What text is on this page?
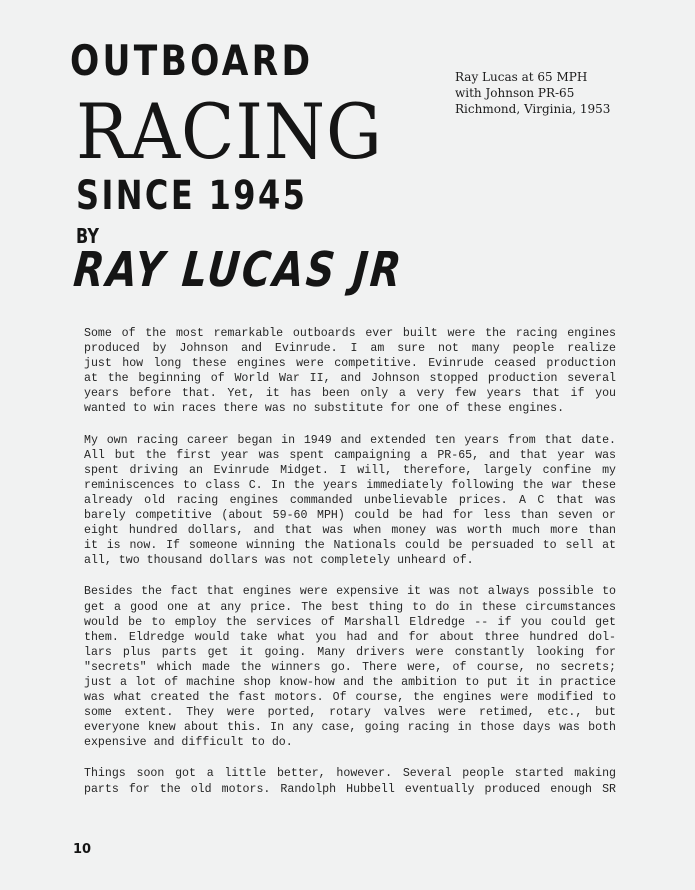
OUTBOARD
RACING
SINCE 1945
BY
RAY LUCAS JR
Ray Lucas at 65 MPH
with Johnson PR-65
Richmond, Virginia, 1953
Some of the most remarkable outboards ever built were the racing engines
produced by Johnson and Evinrude. I am sure not many people realize
just how long these engines were competitive. Evinrude ceased production
at the beginning of World War II, and Johnson stopped production several
years before that. Yet, it has been only a very few years that if you
wanted to win races there was no substitute for one of these engines.
My own racing career began in 1949 and extended ten years from that date.
All but the first year was spent campaigning a PR-65, and that year was
spent driving an Evinrude Midget. I will, therefore, largely confine my
reminiscences to class C. In the years immediately following the war these
already old racing engines commanded unbelievable prices. A C that was
barely competitive (about 59-60 MPH) could be had for less than seven or
eight hundred dollars, and that was when money was worth much more than
it is now. If someone winning the Nationals could be persuaded to sell at
all, two thousand dollars was not completely unheard of.
Besides the fact that engines were expensive it was not always possible to
get a good one at any price. The best thing to do in these circumstances
would be to employ the services of Marshall Eldredge -- if you could get
them. Eldredge would take what you had and for about three hundred dol-
lars plus parts get it going. Many drivers were constantly looking for
"secrets" which made the winners go. There were, of course, no secrets;
just a lot of machine shop know-how and the ambition to put it in practice
was what created the fast motors. Of course, the engines were modified to
some extent. They were ported, rotary valves were retimed, etc., but
everyone knew about this. In any case, going racing in those days was both
expensive and difficult to do.
Things soon got a little better, however. Several people started making
parts for the old motors. Randolph Hubbell eventually produced enough SR
10
